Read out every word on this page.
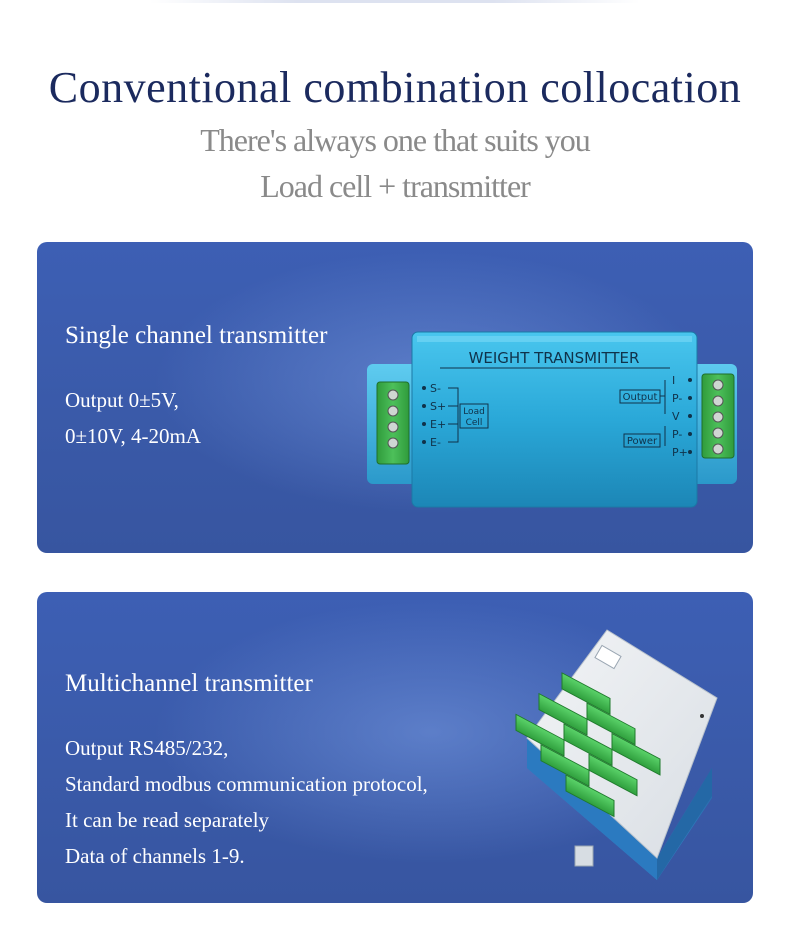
Conventional combination collocation

There's always one that suits you

Load cell + transmitter

Single channel transmitter
Output 0±5V,
0±10V, 4-20mA
WEIGHT TRANSMITTER
S-
S+
E+
E-
Load
Cell
Output
Power
I
P-
V
P-
P+
Multichannel transmitter
Output RS485/232,
Standard modbus communication protocol,
It can be read separately
Data of channels 1-9.
